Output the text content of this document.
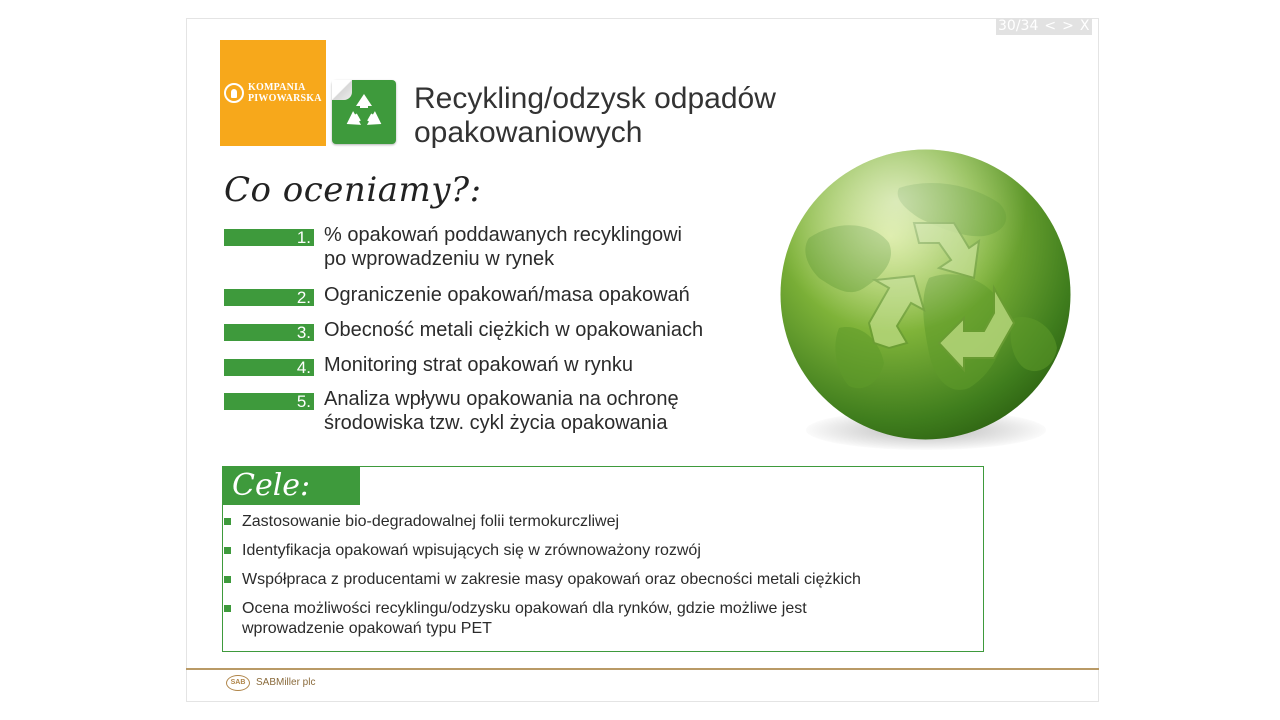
30/34 < > X
KOMPANIA
PIWOWARSKA	Recykling/odzysk odpadów
opakowaniowych
Co oceniamy?:
1. % opakowań poddawanych recyklingowi
po wprowadzeniu w rynek
2. Ograniczenie opakowań/masa opakowań
3. Obecność metali ciężkich w opakowaniach
4. Monitoring strat opakowań w rynku
5. Analiza wpływu opakowania na ochronę
środowiska tzw. cykl życia opakowania
Cele:
Zastosowanie bio-degradowalnej folii termokurczliwej
Identyfikacja opakowań wpisujących się w zrównoważony rozwój
Współpraca z producentami w zakresie masy opakowań oraz obecności metali ciężkich
Ocena możliwości recyklingu/odzysku opakowań dla rynków, gdzie możliwe jest
wprowadzenie opakowań typu PET
SAB	SABMiller plc
